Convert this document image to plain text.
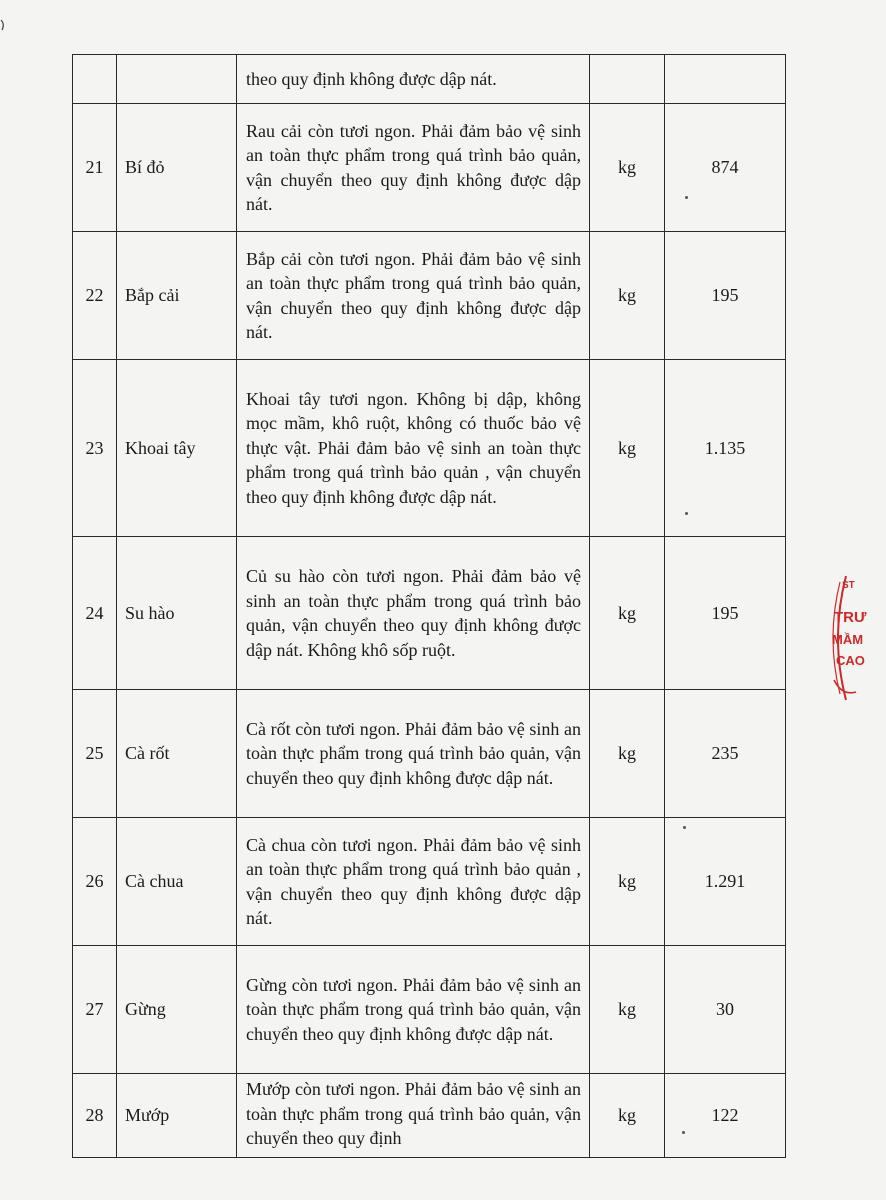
		theo quy định không được dập nát.		
21	Bí đỏ	Rau cải còn tươi ngon. Phải đảm bảo vệ sinh an toàn thực phẩm trong quá trình bảo quản, vận chuyển theo quy định không được dập nát.	kg	874
22	Bắp cải	Bắp cải còn tươi ngon. Phải đảm bảo vệ sinh an toàn thực phẩm trong quá trình bảo quản, vận chuyển theo quy định không được dập nát.	kg	195
23	Khoai tây	Khoai tây tươi ngon. Không bị dập, không mọc mầm, khô ruột, không có thuốc bảo vệ thực vật. Phải đảm bảo vệ sinh an toàn thực phẩm trong quá trình bảo quản , vận chuyển theo quy định không được dập nát.	kg	1.135
24	Su hào	Củ su hào còn tươi ngon. Phải đảm bảo vệ sinh an toàn thực phẩm trong quá trình bảo quản, vận chuyển theo quy định không được dập nát. Không khô sốp ruột.	kg	195
25	Cà rốt	Cà rốt còn tươi ngon. Phải đảm bảo vệ sinh an toàn thực phẩm trong quá trình bảo quản, vận chuyển theo quy định không được dập nát.	kg	235
26	Cà chua	Cà chua còn tươi ngon. Phải đảm bảo vệ sinh an toàn thực phẩm trong quá trình bảo quản , vận chuyển theo quy định không được dập nát.	kg	1.291
27	Gừng	Gừng còn tươi ngon. Phải đảm bảo vệ sinh an toàn thực phẩm trong quá trình bảo quản, vận chuyển theo quy định không được dập nát.	kg	30
28	Mướp	Mướp còn tươi ngon. Phải đảm bảo vệ sinh an toàn thực phẩm trong quá trình bảo quản, vận chuyển theo quy định	kg	122
ST
TRƯ
MẦM
CAO
